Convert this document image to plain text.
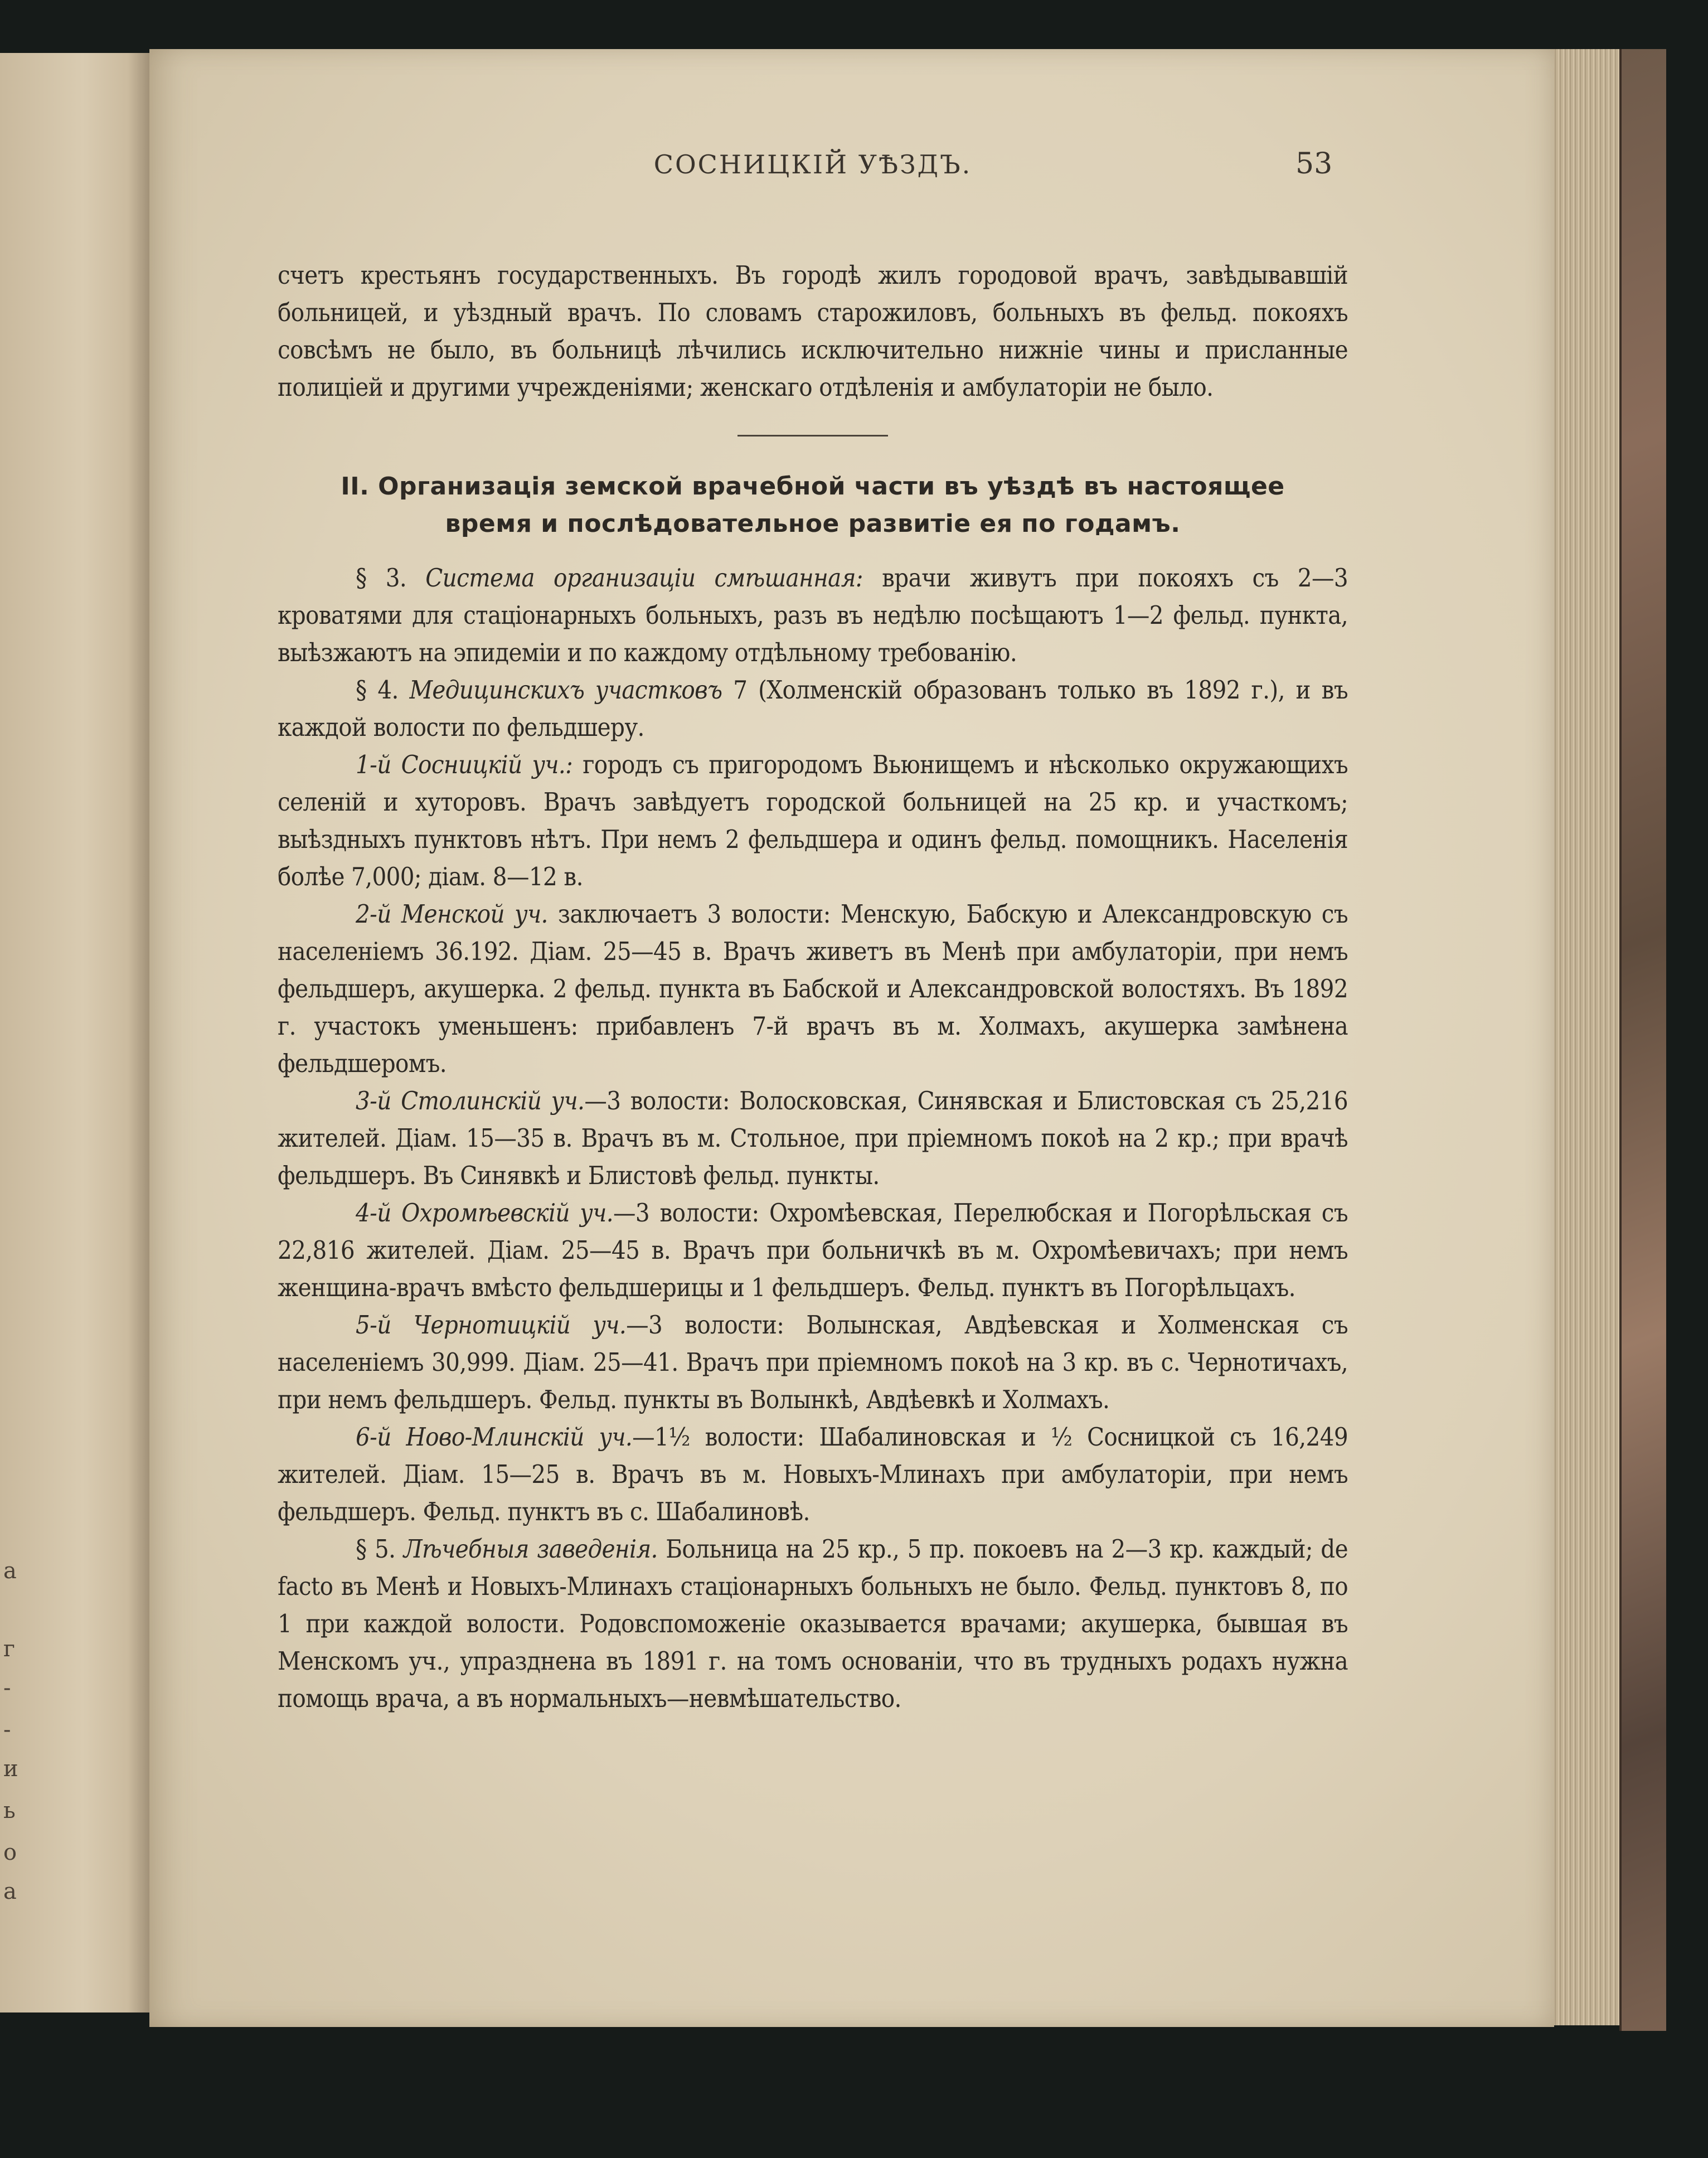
а
г
-
-
и
ь
о
а
СОСНИЦКІЙ УѢЗДЪ.	53

счетъ крестьянъ государственныхъ. Въ городѣ жилъ городовой врачъ, завѣдывавшій больницей, и уѣздный врачъ. По словамъ старожиловъ, больныхъ въ фельд. покояхъ совсѣмъ не было, въ больницѣ лѣчились исключительно нижніе чины и присланные полиціей и другими учрежденіями; женскаго отдѣленія и амбулаторіи не было.

II. Организація земской врачебной части въ уѣздѣ въ настоящее время и послѣдовательное развитіе ея по годамъ.

§ 3. Система организаціи смѣшанная: врачи живутъ при покояхъ съ 2—3 кроватями для стаціонарныхъ больныхъ, разъ въ недѣлю посѣщаютъ 1—2 фельд. пункта, выѣзжаютъ на эпидеміи и по каждому отдѣльному требованію.

§ 4. Медицинскихъ участковъ 7 (Холменскій образованъ только въ 1892 г.), и въ каждой волости по фельдшеру.

1-й Сосницкій уч.: городъ съ пригородомъ Вьюнищемъ и нѣсколько окружающихъ селеній и хуторовъ. Врачъ завѣдуетъ городской больницей на 25 кр. и участкомъ; выѣздныхъ пунктовъ нѣтъ. При немъ 2 фельдшера и одинъ фельд. помощникъ. Населенія болѣе 7,000; діам. 8—12 в.

2-й Менской уч. заключаетъ 3 волости: Менскую, Бабскую и Александровскую съ населеніемъ 36.192. Діам. 25—45 в. Врачъ живетъ въ Менѣ при амбулаторіи, при немъ фельдшеръ, акушерка. 2 фельд. пункта въ Бабской и Александровской волостяхъ. Въ 1892 г. участокъ уменьшенъ: прибавленъ 7-й врачъ въ м. Холмахъ, акушерка замѣнена фельдшеромъ.

3-й Столинскій уч.—3 волости: Волосковская, Синявская и Блистовская съ 25,216 жителей. Діам. 15—35 в. Врачъ въ м. Стольное, при пріемномъ покоѣ на 2 кр.; при врачѣ фельдшеръ. Въ Синявкѣ и Блистовѣ фельд. пункты.

4-й Охромѣевскій уч.—3 волости: Охромѣевская, Перелюбская и Погорѣльская съ 22,816 жителей. Діам. 25—45 в. Врачъ при больничкѣ въ м. Охромѣевичахъ; при немъ женщина-врачъ вмѣсто фельдшерицы и 1 фельдшеръ. Фельд. пунктъ въ Погорѣльцахъ.

5-й Чернотицкій уч.—3 волости: Волынская, Авдѣевская и Холменская съ населеніемъ 30,999. Діам. 25—41. Врачъ при пріемномъ покоѣ на 3 кр. въ с. Чернотичахъ, при немъ фельдшеръ. Фельд. пункты въ Волынкѣ, Авдѣевкѣ и Холмахъ.

6-й Ново-Млинскій уч.—1½ волости: Шабалиновская и ½ Сосницкой съ 16,249 жителей. Діам. 15—25 в. Врачъ въ м. Новыхъ-Млинахъ при амбулаторіи, при немъ фельдшеръ. Фельд. пунктъ въ с. Шабалиновѣ.

§ 5. Лѣчебныя заведенія. Больница на 25 кр., 5 пр. покоевъ на 2—3 кр. каждый; de facto въ Менѣ и Новыхъ-Млинахъ стаціонарныхъ больныхъ не было. Фельд. пунктовъ 8, по 1 при каждой волости. Родовспоможеніе оказывается врачами; акушерка, бывшая въ Менскомъ уч., упразднена въ 1891 г. на томъ основаніи, что въ трудныхъ родахъ нужна помощь врача, а въ нормальныхъ—невмѣшательство.
